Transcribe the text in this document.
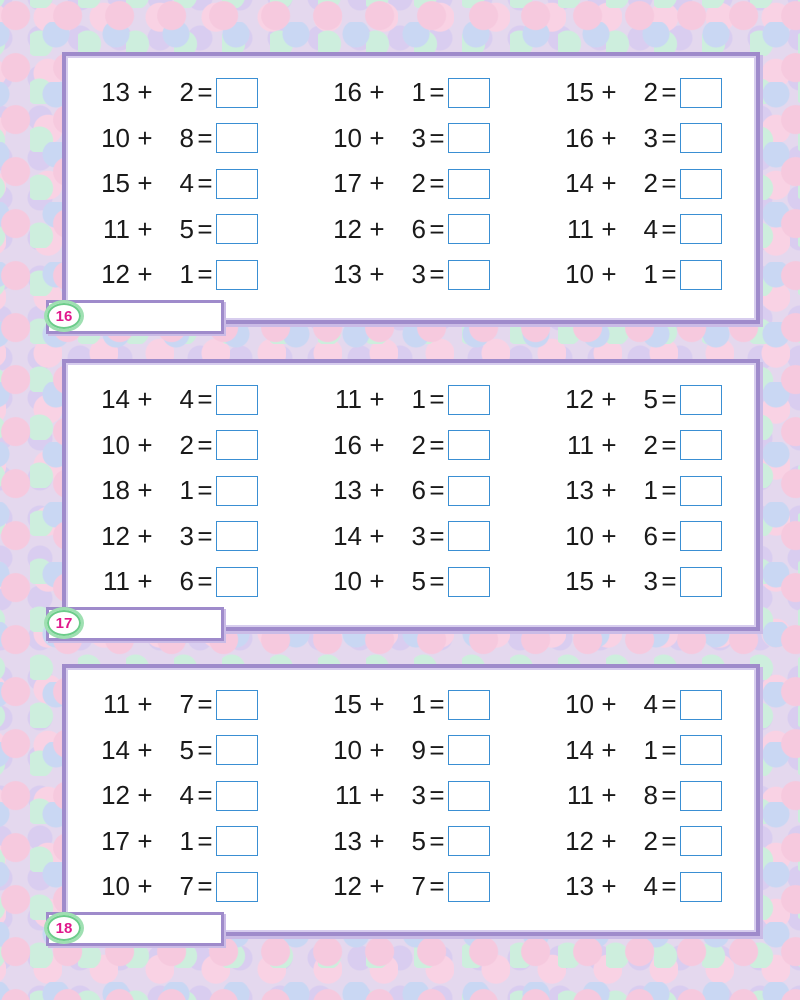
13 +	2 =	16 +	1 =	15 +	2 =
10 +	8 =	10 +	3 =	16 +	3 =
15 +	4 =	17 +	2 =	14 +	2 =
11 +	5 =	12 +	6 =	11 +	4 =
12 +	1 =	13 +	3 =	10 +	1 =
16
14 +	4 =	11 +	1 =	12 +	5 =
10 +	2 =	16 +	2 =	11 +	2 =
18 +	1 =	13 +	6 =	13 +	1 =
12 +	3 =	14 +	3 =	10 +	6 =
11 +	6 =	10 +	5 =	15 +	3 =
17
11 +	7 =	15 +	1 =	10 +	4 =
14 +	5 =	10 +	9 =	14 +	1 =
12 +	4 =	11 +	3 =	11 +	8 =
17 +	1 =	13 +	5 =	12 +	2 =
10 +	7 =	12 +	7 =	13 +	4 =
18
